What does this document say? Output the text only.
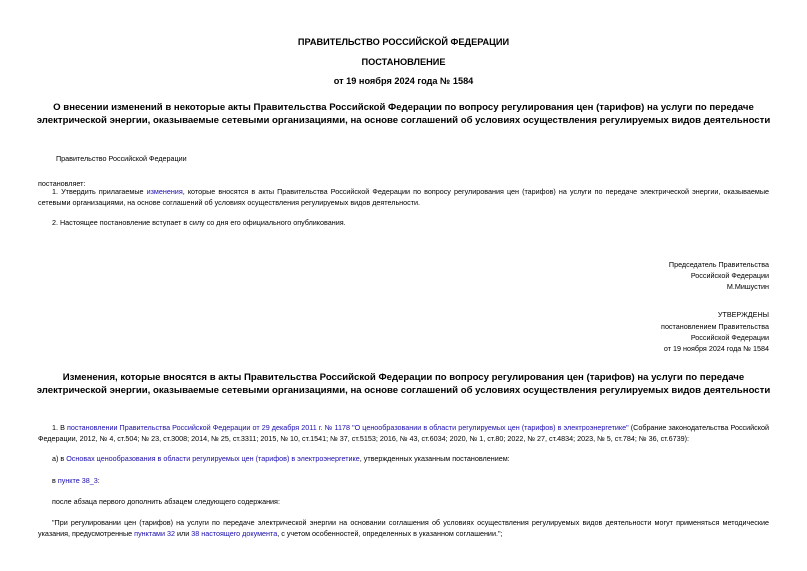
ПРАВИТЕЛЬСТВО РОССИЙСКОЙ ФЕДЕРАЦИИ
ПОСТАНОВЛЕНИЕ
от 19 ноября 2024 года № 1584
О внесении изменений в некоторые акты Правительства Российской Федерации по вопросу регулирования цен (тарифов) на услуги по передаче электрической энергии, оказываемые сетевыми организациями, на основе соглашений об условиях осуществления регулируемых видов деятельности
Правительство Российской Федерации
постановляет:
1. Утвердить прилагаемые изменения, которые вносятся в акты Правительства Российской Федерации по вопросу регулирования цен (тарифов) на услуги по передаче электрической энергии, оказываемые сетевыми организациями, на основе соглашений об условиях осуществления регулируемых видов деятельности.
2. Настоящее постановление вступает в силу со дня его официального опубликования.
Председатель Правительства
Российской Федерации
М.Мишустин
УТВЕРЖДЕНЫ
постановлением Правительства
Российской Федерации
от 19 ноября 2024 года № 1584
Изменения, которые вносятся в акты Правительства Российской Федерации по вопросу регулирования цен (тарифов) на услуги по передаче электрической энергии, оказываемые сетевыми организациями, на основе соглашений об условиях осуществления регулируемых видов деятельности
1. В постановлении Правительства Российской Федерации от 29 декабря 2011 г. № 1178 "О ценообразовании в области регулируемых цен (тарифов) в электроэнергетике" (Собрание законодательства Российской Федерации, 2012, № 4, ст.504; № 23, ст.3008; 2014, № 25, ст.3311; 2015, № 10, ст.1541; № 37, ст.5153; 2016, № 43, ст.6034; 2020, № 1, ст.80; 2022, № 27, ст.4834; 2023, № 5, ст.784; № 36, ст.6739):
а) в Основах ценообразования в области регулируемых цен (тарифов) в электроэнергетике, утвержденных указанным постановлением:
в пункте 38_3:
после абзаца первого дополнить абзацем следующего содержания:
"При регулировании цен (тарифов) на услуги по передаче электрической энергии на основании соглашения об условиях осуществления регулируемых видов деятельности могут применяться методические указания, предусмотренные пунктами 32 или 38 настоящего документа, с учетом особенностей, определенных в указанном соглашении.";
